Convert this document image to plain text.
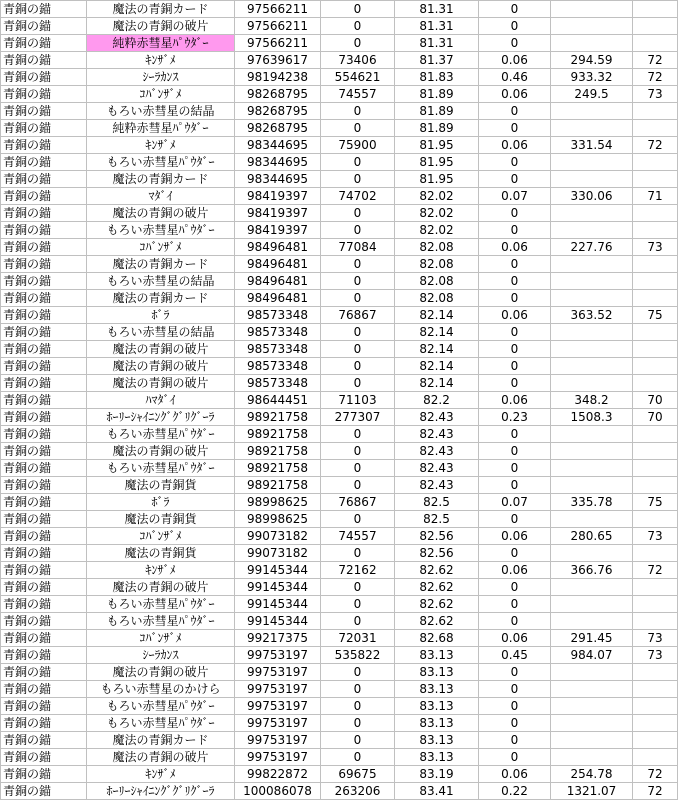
青銅の錨	魔法の青銅カード	97566211	0	81.31	0		
青銅の錨	魔法の青銅の破片	97566211	0	81.31	0		
青銅の錨	純粋赤彗星ﾊﾟｳﾀﾞｰ	97566211	0	81.31	0		
青銅の錨	ｷﾝｻﾞﾒ	97639617	73406	81.37	0.06	294.59	72
青銅の錨	ｼｰﾗｶﾝｽ	98194238	554621	81.83	0.46	933.32	72
青銅の錨	ｺﾊﾞﾝｻﾞﾒ	98268795	74557	81.89	0.06	249.5	73
青銅の錨	もろい赤彗星の結晶	98268795	0	81.89	0		
青銅の錨	純粋赤彗星ﾊﾟｳﾀﾞｰ	98268795	0	81.89	0		
青銅の錨	ｷﾝｻﾞﾒ	98344695	75900	81.95	0.06	331.54	72
青銅の錨	もろい赤彗星ﾊﾟｳﾀﾞｰ	98344695	0	81.95	0		
青銅の錨	魔法の青銅カード	98344695	0	81.95	0		
青銅の錨	ﾏﾀﾞｲ	98419397	74702	82.02	0.07	330.06	71
青銅の錨	魔法の青銅の破片	98419397	0	82.02	0		
青銅の錨	もろい赤彗星ﾊﾟｳﾀﾞｰ	98419397	0	82.02	0		
青銅の錨	ｺﾊﾞﾝｻﾞﾒ	98496481	77084	82.08	0.06	227.76	73
青銅の錨	魔法の青銅カード	98496481	0	82.08	0		
青銅の錨	もろい赤彗星の結晶	98496481	0	82.08	0		
青銅の錨	魔法の青銅カード	98496481	0	82.08	0		
青銅の錨	ﾎﾞﾗ	98573348	76867	82.14	0.06	363.52	75
青銅の錨	もろい赤彗星の結晶	98573348	0	82.14	0		
青銅の錨	魔法の青銅の破片	98573348	0	82.14	0		
青銅の錨	魔法の青銅の破片	98573348	0	82.14	0		
青銅の錨	魔法の青銅の破片	98573348	0	82.14	0		
青銅の錨	ﾊﾏﾀﾞｲ	98644451	71103	82.2	0.06	348.2	70
青銅の錨	ﾎｰﾘｰｼｬｲﾆﾝｸﾞｸﾞﾘｸﾞｰﾗ	98921758	277307	82.43	0.23	1508.3	70
青銅の錨	もろい赤彗星ﾊﾟｳﾀﾞｰ	98921758	0	82.43	0		
青銅の錨	魔法の青銅の破片	98921758	0	82.43	0		
青銅の錨	もろい赤彗星ﾊﾟｳﾀﾞｰ	98921758	0	82.43	0		
青銅の錨	魔法の青銅貨	98921758	0	82.43	0		
青銅の錨	ﾎﾞﾗ	98998625	76867	82.5	0.07	335.78	75
青銅の錨	魔法の青銅貨	98998625	0	82.5	0		
青銅の錨	ｺﾊﾞﾝｻﾞﾒ	99073182	74557	82.56	0.06	280.65	73
青銅の錨	魔法の青銅貨	99073182	0	82.56	0		
青銅の錨	ｷﾝｻﾞﾒ	99145344	72162	82.62	0.06	366.76	72
青銅の錨	魔法の青銅の破片	99145344	0	82.62	0		
青銅の錨	もろい赤彗星ﾊﾟｳﾀﾞｰ	99145344	0	82.62	0		
青銅の錨	もろい赤彗星ﾊﾟｳﾀﾞｰ	99145344	0	82.62	0		
青銅の錨	ｺﾊﾞﾝｻﾞﾒ	99217375	72031	82.68	0.06	291.45	73
青銅の錨	ｼｰﾗｶﾝｽ	99753197	535822	83.13	0.45	984.07	73
青銅の錨	魔法の青銅の破片	99753197	0	83.13	0		
青銅の錨	もろい赤彗星のかけら	99753197	0	83.13	0		
青銅の錨	もろい赤彗星ﾊﾟｳﾀﾞｰ	99753197	0	83.13	0		
青銅の錨	もろい赤彗星ﾊﾟｳﾀﾞｰ	99753197	0	83.13	0		
青銅の錨	魔法の青銅カード	99753197	0	83.13	0		
青銅の錨	魔法の青銅の破片	99753197	0	83.13	0		
青銅の錨	ｷﾝｻﾞﾒ	99822872	69675	83.19	0.06	254.78	72
青銅の錨	ﾎｰﾘｰｼｬｲﾆﾝｸﾞｸﾞﾘｸﾞｰﾗ	100086078	263206	83.41	0.22	1321.07	72
